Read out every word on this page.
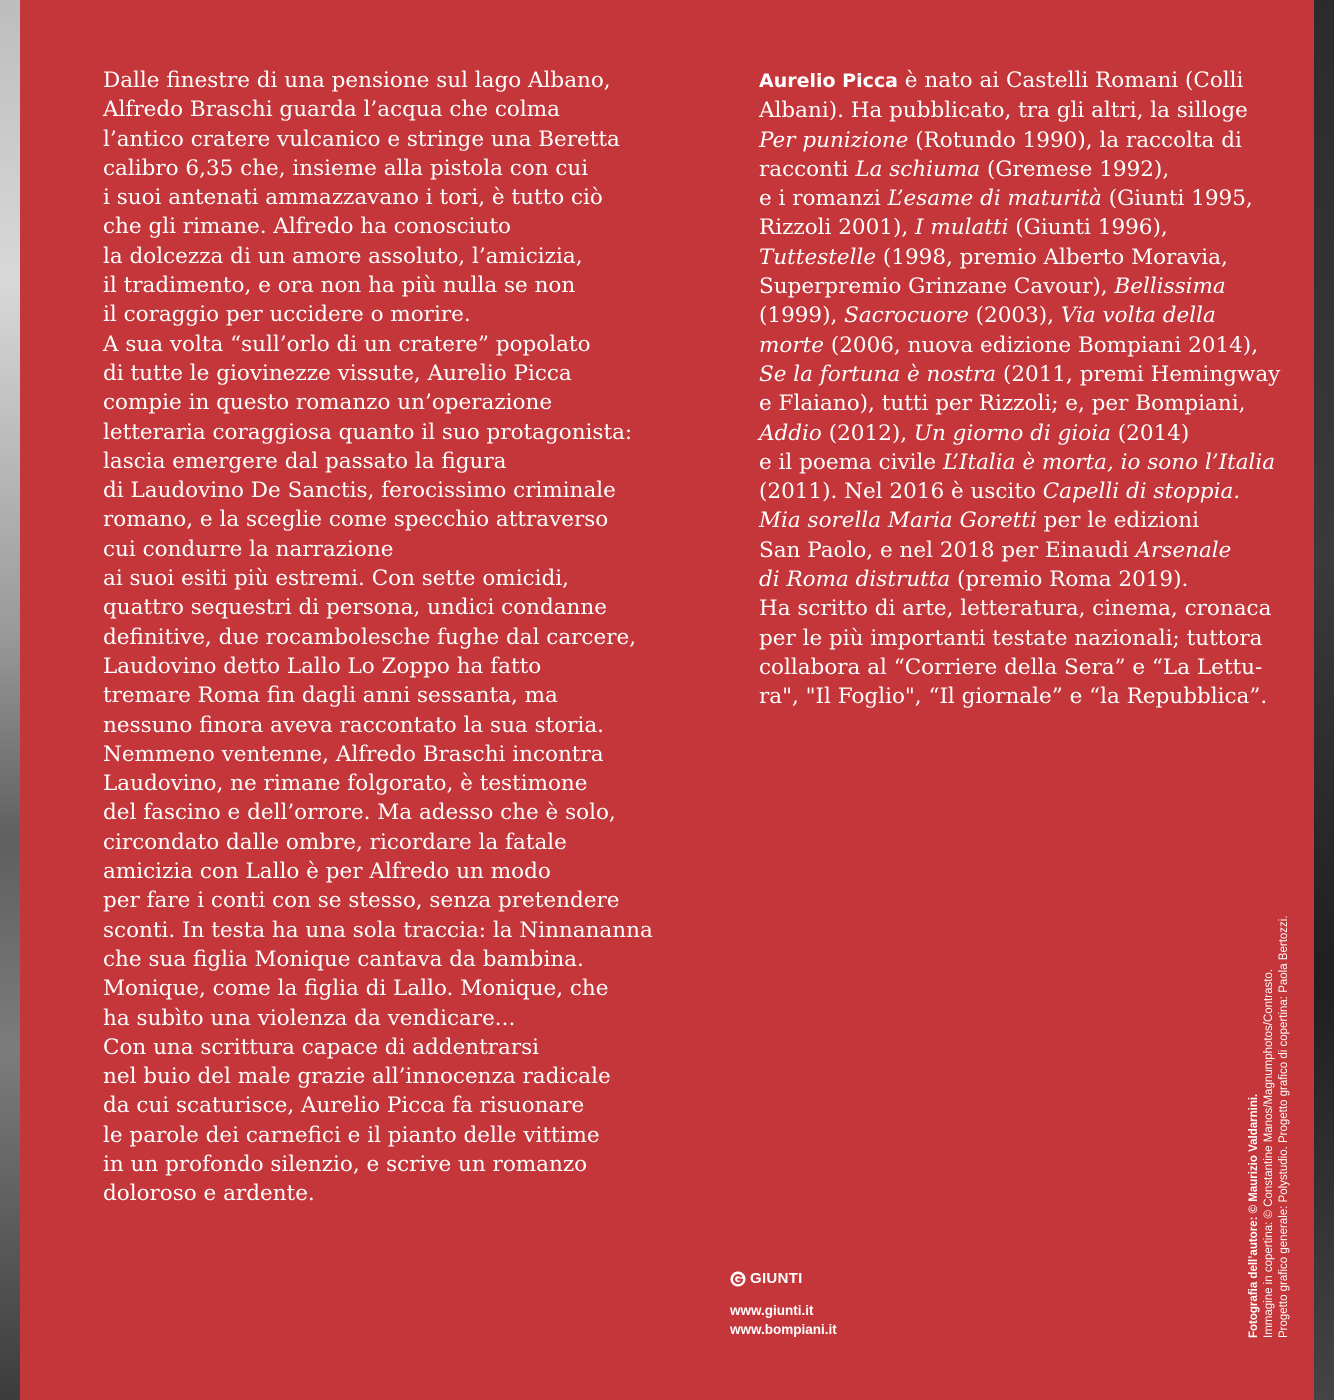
Dalle finestre di una pensione sul lago Albano,
Alfredo Braschi guarda l’acqua che colma
l’antico cratere vulcanico e stringe una Beretta
calibro 6,35 che, insieme alla pistola con cui
i suoi antenati ammazzavano i tori, è tutto ciò
che gli rimane. Alfredo ha conosciuto
la dolcezza di un amore assoluto, l’amicizia,
il tradimento, e ora non ha più nulla se non
il coraggio per uccidere o morire.
A sua volta “sull’orlo di un cratere” popolato
di tutte le giovinezze vissute, Aurelio Picca
compie in questo romanzo un’operazione
letteraria coraggiosa quanto il suo protagonista:
lascia emergere dal passato la figura
di Laudovino De Sanctis, ferocissimo criminale
romano, e la sceglie come specchio attraverso
cui condurre la narrazione
ai suoi esiti più estremi. Con sette omicidi,
quattro sequestri di persona, undici condanne
definitive, due rocambolesche fughe dal carcere,
Laudovino detto Lallo Lo Zoppo ha fatto
tremare Roma fin dagli anni sessanta, ma
nessuno finora aveva raccontato la sua storia.
Nemmeno ventenne, Alfredo Braschi incontra
Laudovino, ne rimane folgorato, è testimone
del fascino e dell’orrore. Ma adesso che è solo,
circondato dalle ombre, ricordare la fatale
amicizia con Lallo è per Alfredo un modo
per fare i conti con se stesso, senza pretendere
sconti. In testa ha una sola traccia: la Ninnananna
che sua figlia Monique cantava da bambina.
Monique, come la figlia di Lallo. Monique, che
ha subìto una violenza da vendicare...
Con una scrittura capace di addentrarsi
nel buio del male grazie all’innocenza radicale
da cui scaturisce, Aurelio Picca fa risuonare
le parole dei carnefici e il pianto delle vittime
in un profondo silenzio, e scrive un romanzo
doloroso e ardente.
Aurelio Picca è nato ai Castelli Romani (Colli
Albani). Ha pubblicato, tra gli altri, la silloge
Per punizione (Rotundo 1990), la raccolta di
racconti La schiuma (Gremese 1992),
e i romanzi L’esame di maturità (Giunti 1995,
Rizzoli 2001), I mulatti (Giunti 1996),
Tuttestelle (1998, premio Alberto Moravia,
Superpremio Grinzane Cavour), Bellissima
(1999), Sacrocuore (2003), Via volta della
morte (2006, nuova edizione Bompiani 2014),
Se la fortuna è nostra (2011, premi Hemingway
e Flaiano), tutti per Rizzoli; e, per Bompiani,
Addio (2012), Un giorno di gioia (2014)
e il poema civile L’Italia è morta, io sono l’Italia
(2011). Nel 2016 è uscito Capelli di stoppia.
Mia sorella Maria Goretti per le edizioni
San Paolo, e nel 2018 per Einaudi Arsenale
di Roma distrutta (premio Roma 2019).
Ha scritto di arte, letteratura, cinema, cronaca
per le più importanti testate nazionali; tuttora
collabora al “Corriere della Sera” e “La Lettu-
ra", "Il Foglio", “Il giornale” e “la Repubblica”.
GIUNTI
www.giunti.it
www.bompiani.it	Fotografia dell’autore: © Maurizio Valdarnini. Immagine in copertina: © Constantine Manos/Magnumphotos/Contrasto. Progetto grafico generale: Polystudio. Progetto grafico di copertina: Paola Bertozzi.
